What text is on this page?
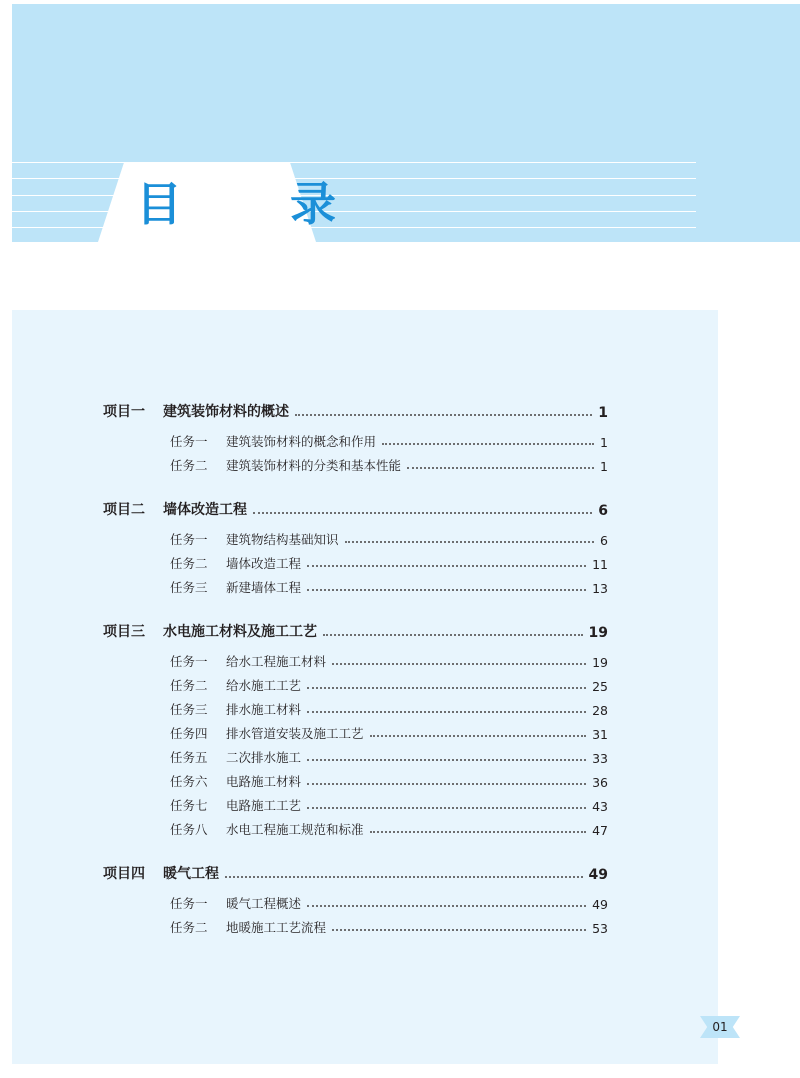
目 录
项目一	建筑装饰材料的概述	1
任务一	建筑装饰材料的概念和作用	1
任务二	建筑装饰材料的分类和基本性能	1
项目二	墙体改造工程	6
任务一	建筑物结构基础知识	6
任务二	墙体改造工程	11
任务三	新建墙体工程	13
项目三	水电施工材料及施工工艺	19
任务一	给水工程施工材料	19
任务二	给水施工工艺	25
任务三	排水施工材料	28
任务四	排水管道安装及施工工艺	31
任务五	二次排水施工	33
任务六	电路施工材料	36
任务七	电路施工工艺	43
任务八	水电工程施工规范和标准	47
项目四	暖气工程	49
任务一	暖气工程概述	49
任务二	地暖施工工艺流程	53
01
